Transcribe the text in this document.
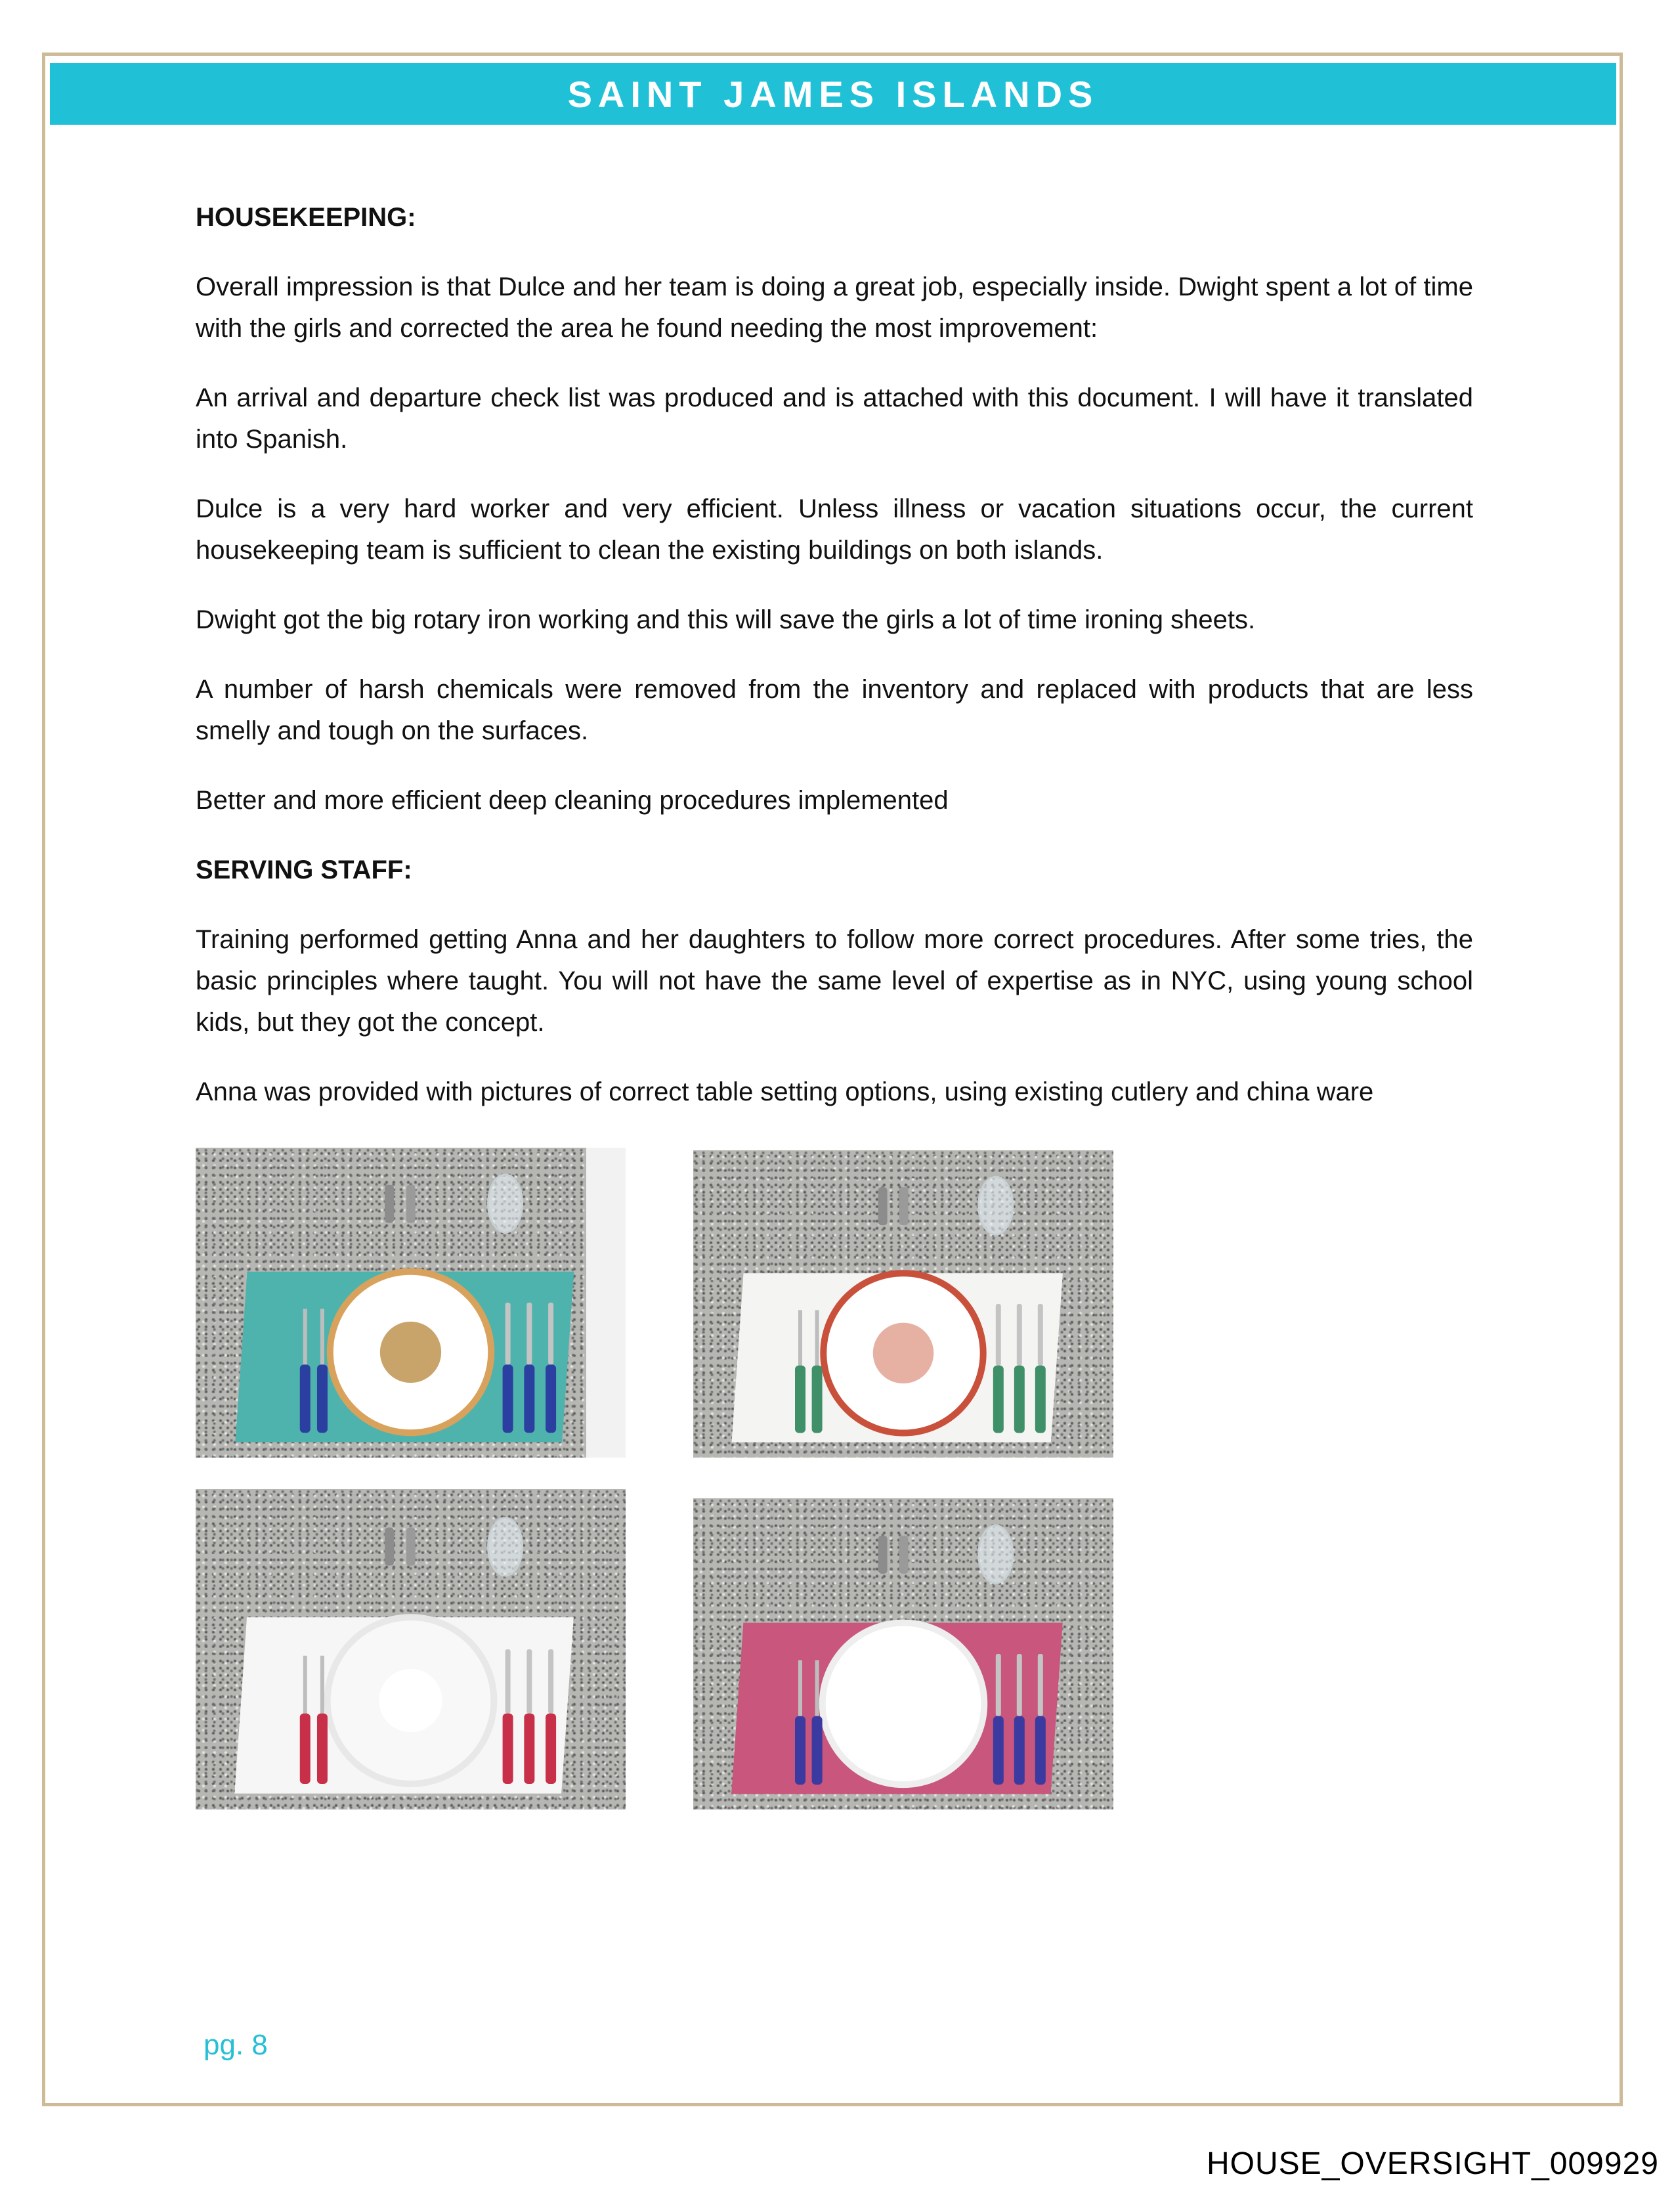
SAINT JAMES ISLANDS

HOUSEKEEPING:

Overall impression is that Dulce and her team is doing a great job, especially inside. Dwight spent a lot of time with the girls and corrected the area he found needing the most improvement:

An arrival and departure check list was produced and is attached with this document. I will have it translated into Spanish.

Dulce is a very hard worker and very efficient. Unless illness or vacation situations occur, the current housekeeping team is sufficient to clean the existing buildings on both islands.

Dwight got the big rotary iron working and this will save the girls a lot of time ironing sheets.

A number of harsh chemicals were removed from the inventory and replaced with products that are less smelly and tough on the surfaces.

Better and more efficient deep cleaning procedures implemented

SERVING STAFF:

Training performed getting Anna and her daughters to follow more correct procedures. After some tries, the basic principles where taught. You will not have the same level of expertise as in NYC, using young school kids, but they got the concept.

Anna was provided with pictures of correct table setting options, using existing cutlery and china ware

pg. 8
HOUSE_OVERSIGHT_009929
